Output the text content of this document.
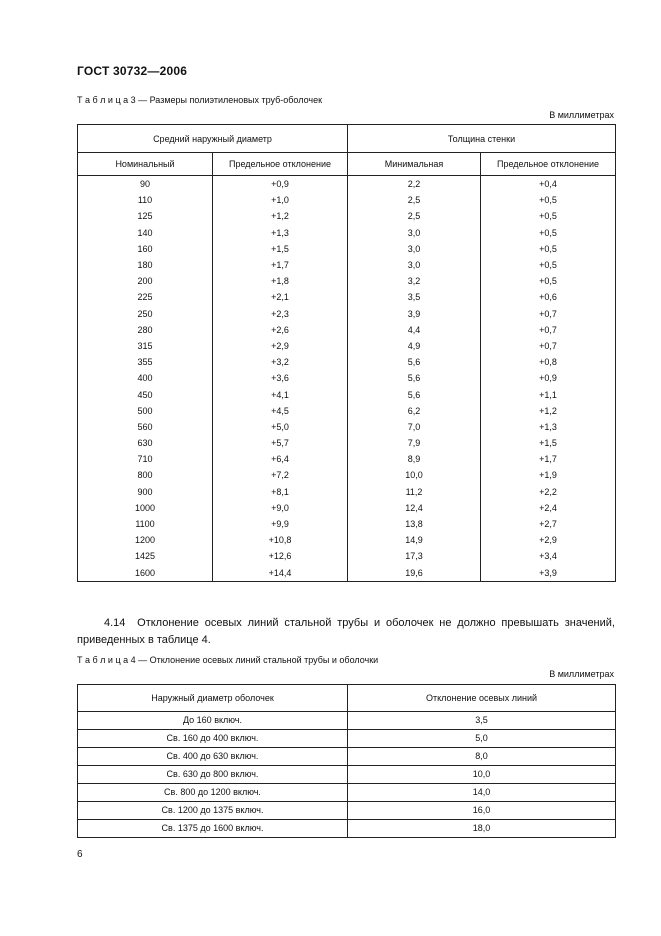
ГОСТ 30732—2006
Т а б л и ц а 3 — Размеры полиэтиленовых труб-оболочек
В миллиметрах
Средний наружный диаметр		Толщина стенки	
Номинальный	Предельное отклонение	Минимальная	Предельное отклонение
90	+0,9	2,2	+0,4
110	+1,0	2,5	+0,5
125	+1,2	2,5	+0,5
140	+1,3	3,0	+0,5
160	+1,5	3,0	+0,5
180	+1,7	3,0	+0,5
200	+1,8	3,2	+0,5
225	+2,1	3,5	+0,6
250	+2,3	3,9	+0,7
280	+2,6	4,4	+0,7
315	+2,9	4,9	+0,7
355	+3,2	5,6	+0,8
400	+3,6	5,6	+0,9
450	+4,1	5,6	+1,1
500	+4,5	6,2	+1,2
560	+5,0	7,0	+1,3
630	+5,7	7,9	+1,5
710	+6,4	8,9	+1,7
800	+7,2	10,0	+1,9
900	+8,1	11,2	+2,2
1000	+9,0	12,4	+2,4
1100	+9,9	13,8	+2,7
1200	+10,8	14,9	+2,9
1425	+12,6	17,3	+3,4
1600	+14,4	19,6	+3,9
4.14 Отклонение осевых линий стальной трубы и оболочек не должно превышать значений, приведенных в таблице 4.
Т а б л и ц а 4 — Отклонение осевых линий стальной трубы и оболочки
В миллиметрах
Наружный диаметр оболочек	Отклонение осевых линий
До 160 включ.	3,5
Св. 160 до 400 включ.	5,0
Св. 400 до 630 включ.	8,0
Св. 630 до 800 включ.	10,0
Св. 800 до 1200 включ.	14,0
Св. 1200 до 1375 включ.	16,0
Св. 1375 до 1600 включ.	18,0
6
